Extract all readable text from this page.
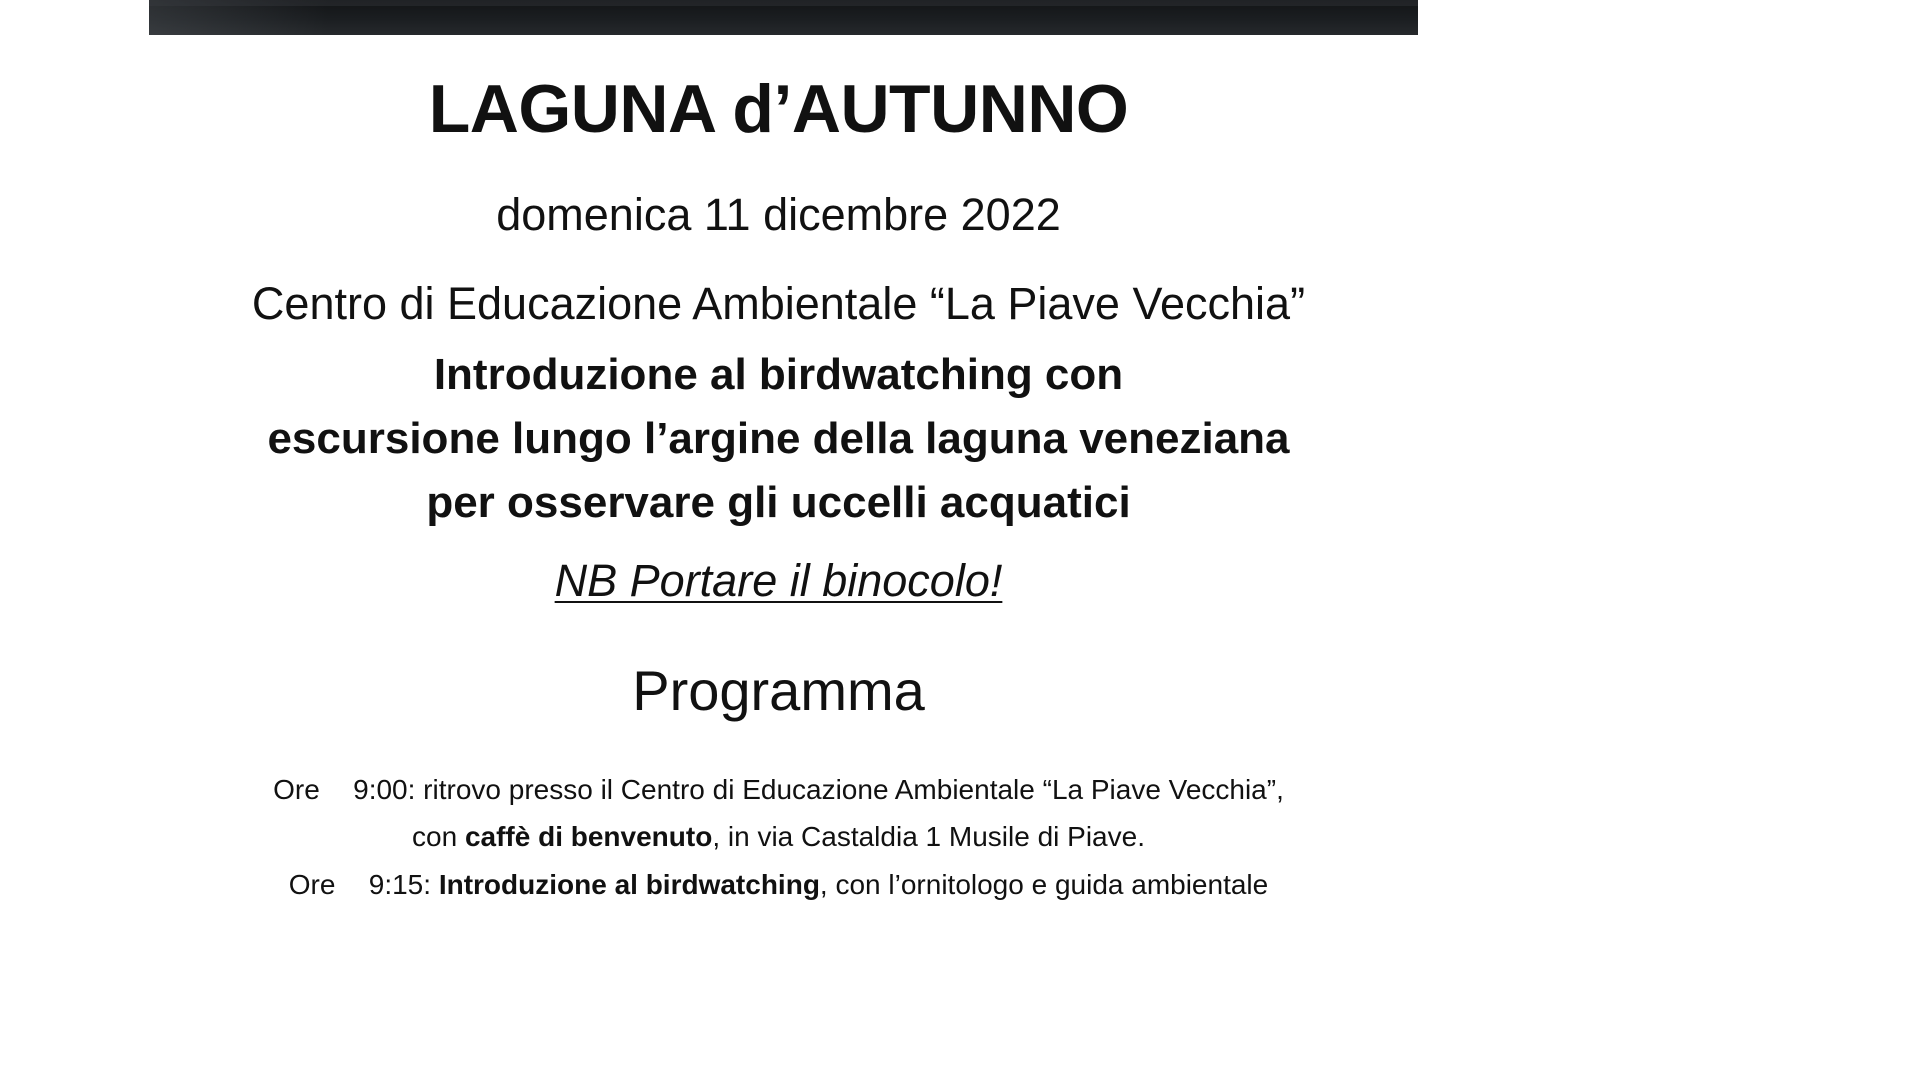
LAGUNA d’AUTUNNO
domenica 11 dicembre 2022
Centro di Educazione Ambientale “La Piave Vecchia”
Introduzione al birdwatching con
escursione lungo l’argine della laguna veneziana
per osservare gli uccelli acquatici
NB Portare il binocolo!
Programma
Ore 9:00: ritrovo presso il Centro di Educazione Ambientale “La Piave Vecchia”,
con caffè di benvenuto, in via Castaldia 1 Musile di Piave.
Ore 9:15: Introduzione al birdwatching, con l’ornitologo e guida ambientale
